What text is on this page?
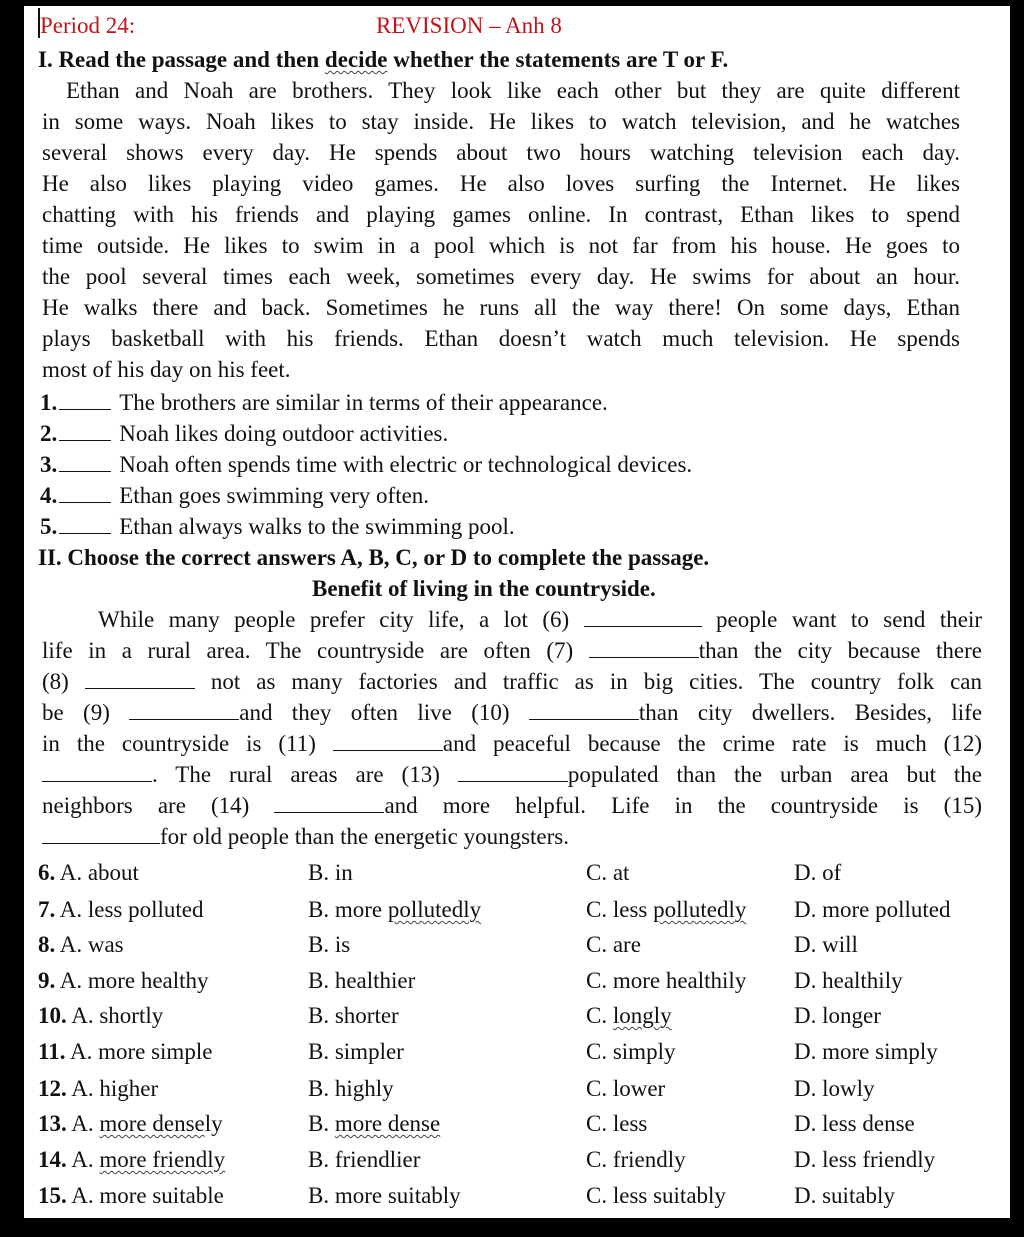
Period 24:	REVISION – Anh 8
I. Read the passage and then decide whether the statements are T or F.
Ethan and Noah are brothers. They look like each other but they are quite different
in some ways. Noah likes to stay inside. He likes to watch television, and he watches
several shows every day. He spends about two hours watching television each day.
He also likes playing video games. He also loves surfing the Internet. He likes
chatting with his friends and playing games online. In contrast, Ethan likes to spend
time outside. He likes to swim in a pool which is not far from his house. He goes to
the pool several times each week, sometimes every day. He swims for about an hour.
He walks there and back. Sometimes he runs all the way there! On some days, Ethan
plays basketball with his friends. Ethan doesn’t watch much television. He spends
most of his day on his feet.
1.	The brothers are similar in terms of their appearance.
2.	Noah likes doing outdoor activities.
3.	Noah often spends time with electric or technological devices.
4.	Ethan goes swimming very often.
5.	Ethan always walks to the swimming pool.
II. Choose the correct answers A, B, C, or D to complete the passage.
Benefit of living in the countryside.
While many people prefer city life, a lot (6)	people want to send their
life in a rural area. The countryside are often (7)	than the city because there
(8)	not as many factories and traffic as in big cities. The country folk can
be (9)	and they often live (10)	than city dwellers. Besides, life
in the countryside is (11)	and peaceful because the crime rate is much (12)
. The rural areas are (13)	populated than the urban area but the
neighbors are (14)	and more helpful. Life in the countryside is (15)
for old people than the energetic youngsters.
6. A. about	B. in	C. at	D. of
7. A. less polluted	B. more pollutedly	C. less pollutedly D. more polluted
8. A. was	B. is	C. are	D. will
9. A. more healthy	B. healthier	C. more healthily D. healthily
10. A. shortly	B. shorter	C. longly	D. longer
11. A. more simple	B. simpler	C. simply	D. more simply
12. A. higher	B. highly	C. lower	D. lowly
13. A. more densely	B. more dense	C. less	D. less dense
14. A. more friendly	B. friendlier	C. friendly	D. less friendly
15. A. more suitable	B. more suitably	C. less suitably	D. suitably
